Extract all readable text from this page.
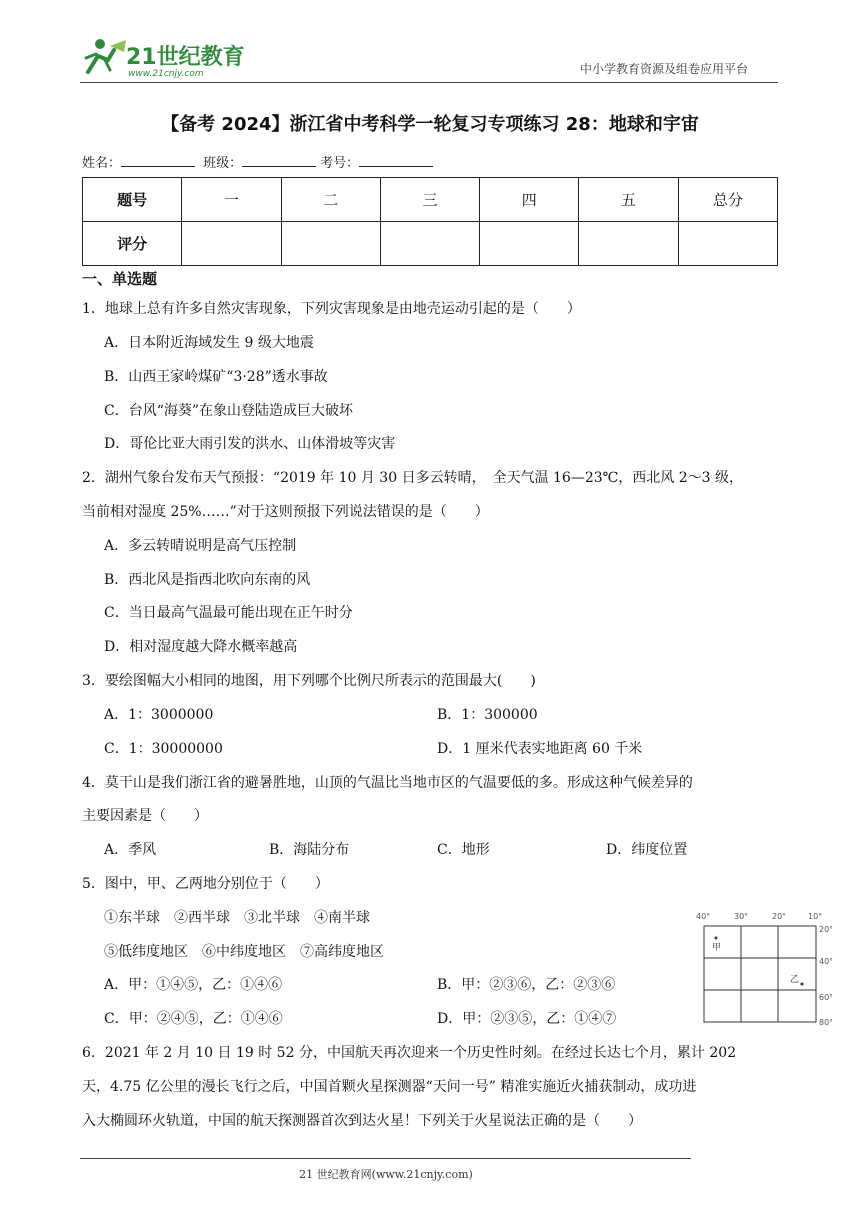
21世纪教育
www.21cnjy.com	中小学教育资源及组卷应用平台
【备考 2024】浙江省中考科学一轮复习专项练习 28：地球和宇宙
姓名：	班级：	考号：
题号	一	二	三	四	五	总分
评分						
一、单选题
1．地球上总有许多自然灾害现象，下列灾害现象是由地壳运动引起的是（　　）
A．日本附近海域发生 9 级大地震
B．山西王家岭煤矿“3·28”透水事故
C．台风“海葵”在象山登陆造成巨大破坏
D．哥伦比亚大雨引发的洪水、山体滑坡等灾害
2．湖州气象台发布天气预报：“2019 年 10 月 30 日多云转晴，　全天气温 16—23℃，西北风 2～3 级，
当前相对湿度 25%……”对于这则预报下列说法错误的是（　　）
A．多云转晴说明是高气压控制
B．西北风是指西北吹向东南的风
C．当日最高气温最可能出现在正午时分
D．相对湿度越大降水概率越高
3．要绘图幅大小相同的地图，用下列哪个比例尺所表示的范围最大(　　)
A．1：3000000	B．1：300000
C．1：30000000	D．1 厘米代表实地距离 60 千米
4．莫干山是我们浙江省的避暑胜地，山顶的气温比当地市区的气温要低的多。形成这种气候差异的
主要因素是（　　）
A．季风	B．海陆分布	C．地形	D．纬度位置
5．图中，甲、乙两地分别位于（　　）
①东半球　②西半球　③北半球　④南半球
⑤低纬度地区　⑥中纬度地区　⑦高纬度地区
A．甲：①④⑤，乙：①④⑥	B．甲：②③⑥，乙：②③⑥
C．甲：②④⑤，乙：①④⑥	D．甲：②③⑤，乙：①④⑦
40°	30°	20°	10°
20°
40°
60°
80°
甲
乙
6．2021 年 2 月 10 日 19 时 52 分，中国航天再次迎来一个历史性时刻。在经过长达七个月，累计 202
天，4.75 亿公里的漫长飞行之后，中国首颗火星探测器“天问一号” 精准实施近火捕获制动，成功进
入大椭圆环火轨道，中国的航天探测器首次到达火星！下列关于火星说法正确的是（　　）
21 世纪教育网(www.21cnjy.com)
